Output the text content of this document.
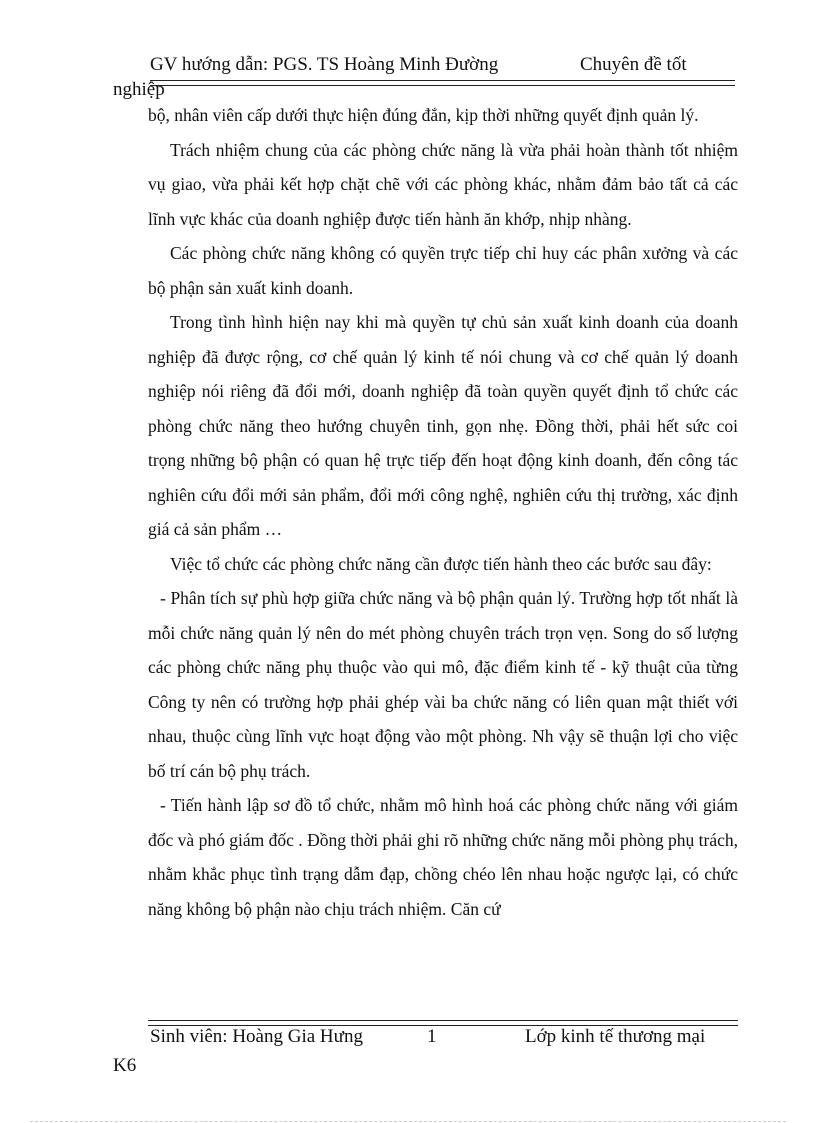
GV hướng dẫn: PGS. TS Hoàng Minh Đường	Chuyên đề tốt
nghiệp

bộ, nhân viên cấp dưới thực hiện đúng đắn, kịp thời những quyết định quản lý.

Trách nhiệm chung của các phòng chức năng là vừa phải hoàn thành tốt nhiệm vụ giao, vừa phải kết hợp chặt chẽ với các phòng khác, nhằm đảm bảo tất cả các lĩnh vực khác của doanh nghiệp được tiến hành ăn khớp, nhịp nhàng.

Các phòng chức năng không có quyền trực tiếp chỉ huy các phân xưởng và các bộ phận sản xuất kinh doanh.

Trong tình hình hiện nay khi mà quyền tự chủ sản xuất kinh doanh của doanh nghiệp đã được rộng, cơ chế quản lý kinh tế nói chung và cơ chế quản lý doanh nghiệp nói riêng đã đổi mới, doanh nghiệp đã toàn quyền quyết định tổ chức các phòng chức năng theo hướng chuyên tinh, gọn nhẹ. Đồng thời, phải hết sức coi trọng những bộ phận có quan hệ trực tiếp đến hoạt động kinh doanh, đến công tác nghiên cứu đổi mới sản phẩm, đổi mới công nghệ, nghiên cứu thị trường, xác định giá cả sản phẩm …

Việc tổ chức các phòng chức năng cần được tiến hành theo các bước sau đây:

- Phân tích sự phù hợp giữa chức năng và bộ phận quản lý. Trường hợp tốt nhất là mỗi chức năng quản lý nên do mét phòng chuyên trách trọn vẹn. Song do số lượng các phòng chức năng phụ thuộc vào qui mô, đặc điểm kinh tế - kỹ thuật của từng Công ty nên có trường hợp phải ghép vài ba chức năng có liên quan mật thiết với nhau, thuộc cùng lĩnh vực hoạt động vào một phòng. Nh vậy sẽ thuận lợi cho việc bố trí cán bộ phụ trách.

- Tiến hành lập sơ đồ tổ chức, nhằm mô hình hoá các phòng chức năng với giám đốc và phó giám đốc . Đồng thời phải ghi rõ những chức năng mỗi phòng phụ trách, nhằm khắc phục tình trạng dẫm đạp, chồng chéo lên nhau hoặc ngược lại, có chức năng không bộ phận nào chịu trách nhiệm. Căn cứ

Sinh viên: Hoàng Gia Hưng	1	Lớp kinh tế thương mại
K6
